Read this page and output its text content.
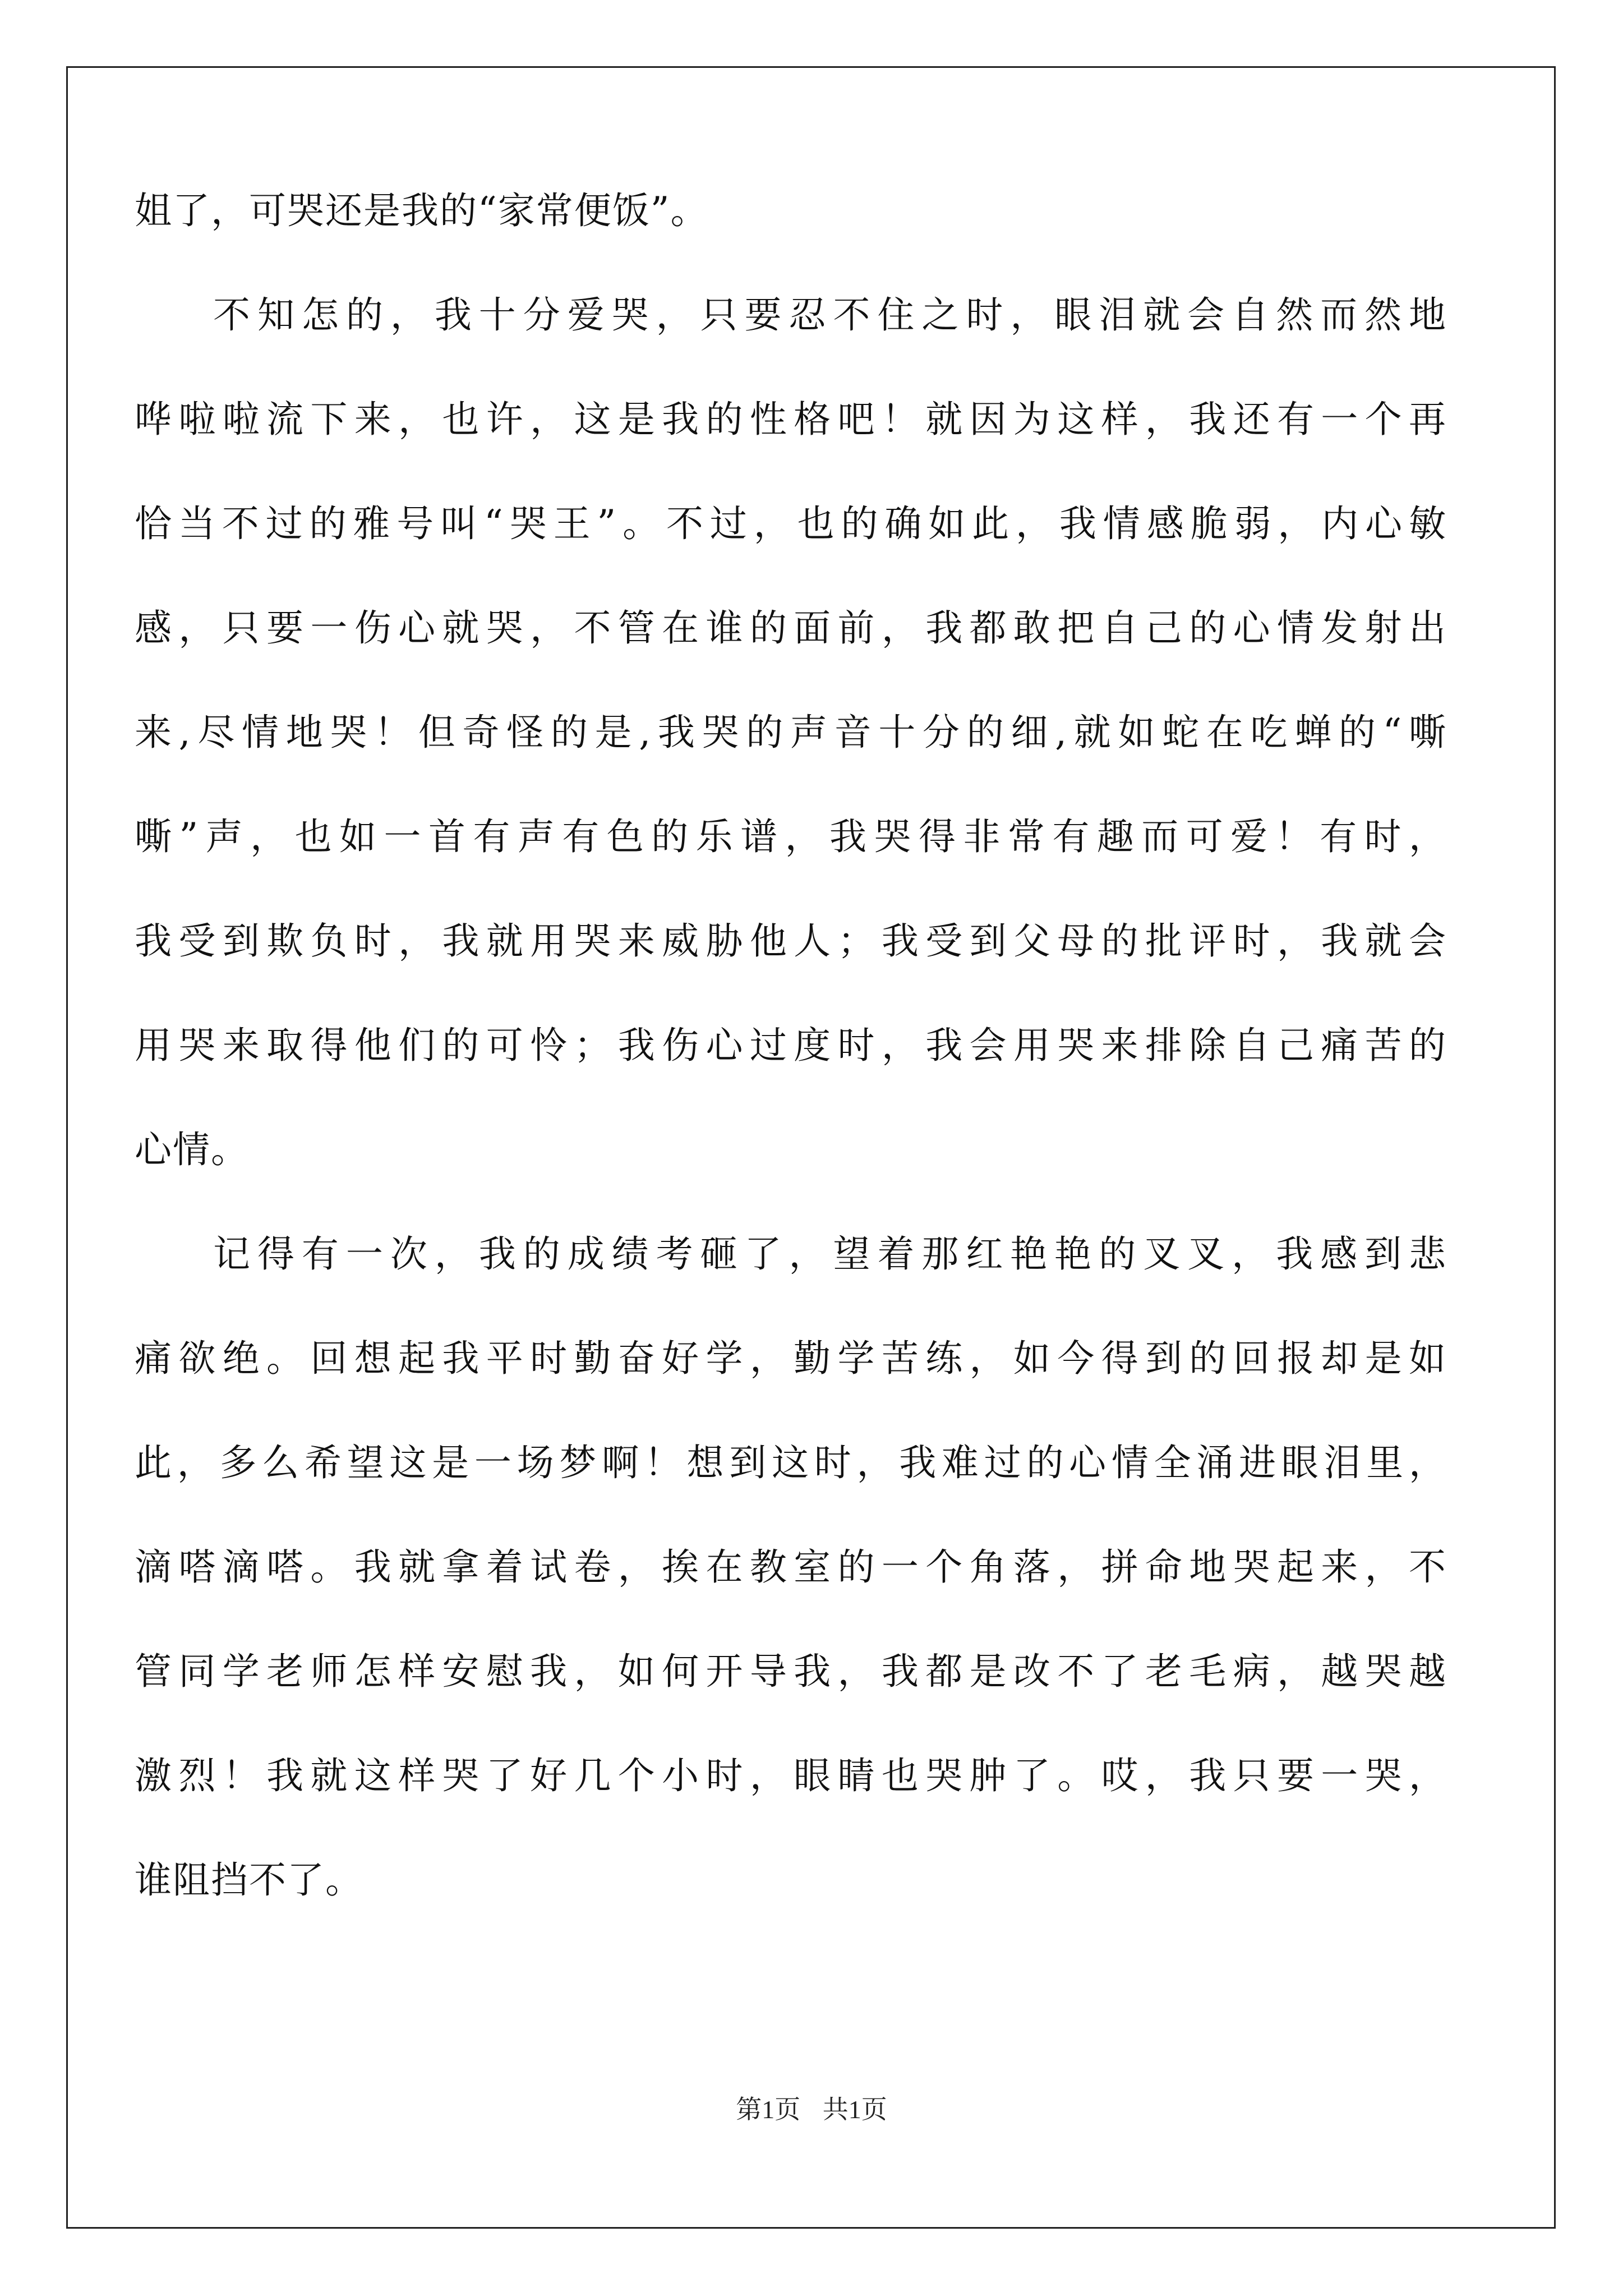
姐了，可哭还是我的“家常便饭”。
不知怎的，我十分爱哭，只要忍不住之时，眼泪就会自然而然地
哗啦啦流下来，也许，这是我的性格吧！就因为这样，我还有一个再
恰当不过的雅号叫“哭王”。不过，也的确如此，我情感脆弱，内心敏
感，只要一伤心就哭，不管在谁的面前，我都敢把自己的心情发射出
来,尽情地哭！但奇怪的是,我哭的声音十分的细,就如蛇在吃蝉的“嘶
嘶”声，也如一首有声有色的乐谱，我哭得非常有趣而可爱！有时，
我受到欺负时，我就用哭来威胁他人；我受到父母的批评时，我就会
用哭来取得他们的可怜；我伤心过度时，我会用哭来排除自己痛苦的
心情。
记得有一次，我的成绩考砸了，望着那红艳艳的叉叉，我感到悲
痛欲绝。回想起我平时勤奋好学，勤学苦练，如今得到的回报却是如
此，多么希望这是一场梦啊！想到这时，我难过的心情全涌进眼泪里，
滴嗒滴嗒。我就拿着试卷，挨在教室的一个角落，拼命地哭起来，不
管同学老师怎样安慰我，如何开导我，我都是改不了老毛病，越哭越
激烈！我就这样哭了好几个小时，眼睛也哭肿了。哎，我只要一哭，
谁阻挡不了。
第1页 共1页
